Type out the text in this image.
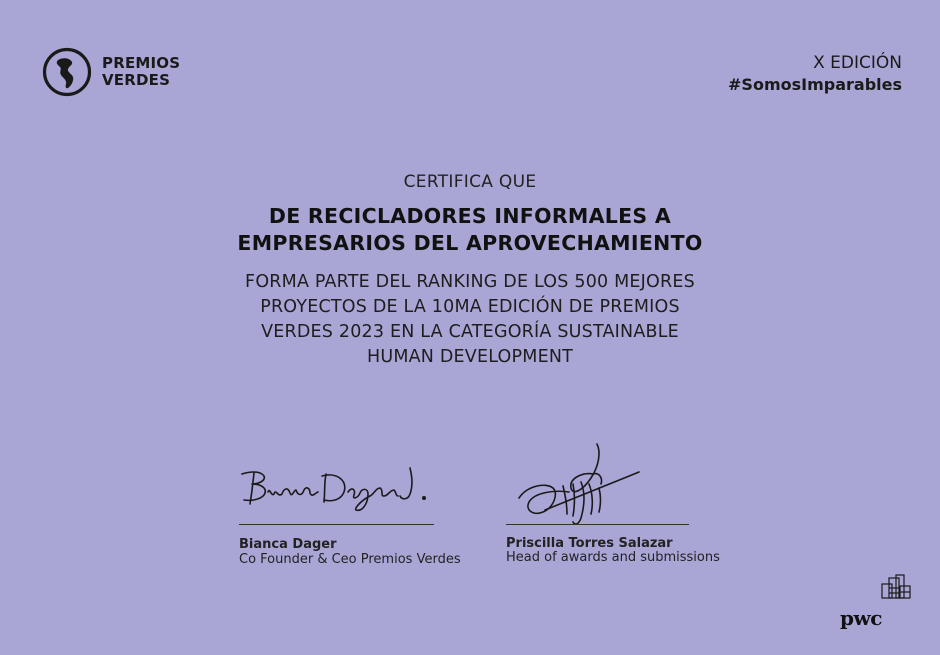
PREMIOS
VERDES
X EDICIÓN
#SomosImparables
CERTIFICA QUE
DE RECICLADORES INFORMALES A
EMPRESARIOS DEL APROVECHAMIENTO
FORMA PARTE DEL RANKING DE LOS 500 MEJORES
PROYECTOS DE LA 10MA EDICIÓN DE PREMIOS
VERDES 2023 EN LA CATEGORÍA SUSTAINABLE
HUMAN DEVELOPMENT
Bianca Dager
Co Founder & Ceo Premios Verdes
Priscilla Torres Salazar
Head of awards and submissions
pwc
